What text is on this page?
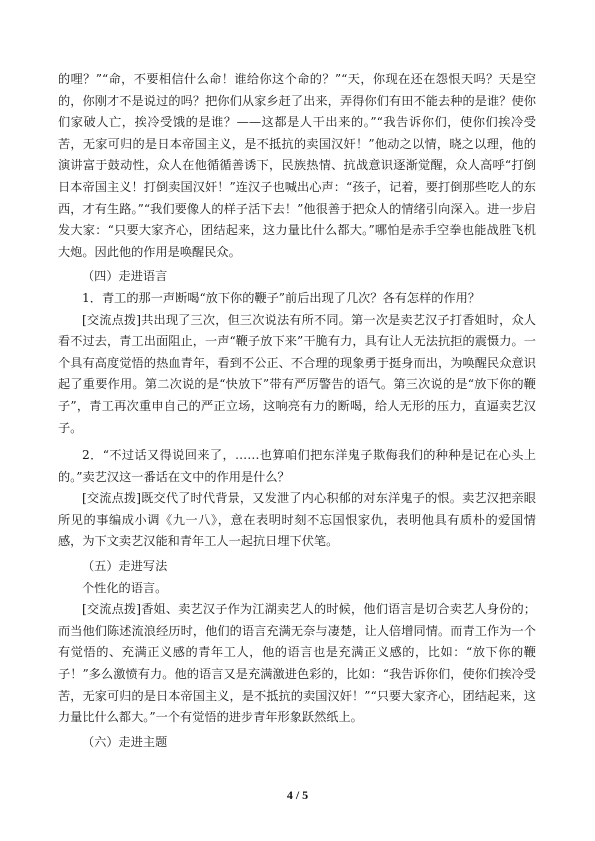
的哩？”“命，不要相信什么命！谁给你这个命的？”“天，你现在还在怨恨天吗？天是空的，你刚才不是说过的吗？把你们从家乡赶了出来，弄得你们有田不能去种的是谁？使你们家破人亡，挨冷受饿的是谁？——这都是人干出来的。”“我告诉你们，使你们挨冷受苦，无家可归的是日本帝国主义，是不抵抗的卖国汉奸！”他动之以情，晓之以理，他的演讲富于鼓动性，众人在他循循善诱下，民族热情、抗战意识逐渐觉醒，众人高呼“打倒日本帝国主义！打倒卖国汉奸！”连汉子也喊出心声：“孩子，记着，要打倒那些吃人的东西，才有生路。”“我们要像人的样子活下去！”他很善于把众人的情绪引向深入。进一步启发大家：“只要大家齐心，团结起来，这力量比什么都大。”哪怕是赤手空拳也能战胜飞机大炮。因此他的作用是唤醒民众。

（四）走进语言

1．青工的那一声断喝“放下你的鞭子”前后出现了几次？各有怎样的作用？

[交流点拨]共出现了三次，但三次说法有所不同。第一次是卖艺汉子打香姐时，众人看不过去，青工出面阻止，一声“鞭子放下来”干脆有力，具有让人无法抗拒的震慑力。一个具有高度觉悟的热血青年，看到不公正、不合理的现象勇于挺身而出，为唤醒民众意识起了重要作用。第二次说的是“快放下”带有严厉警告的语气。第三次说的是“放下你的鞭子”，青工再次重申自己的严正立场，这响亮有力的断喝，给人无形的压力，直逼卖艺汉子。

2．“不过话又得说回来了，……也算咱们把东洋鬼子欺侮我们的种种是记在心头上的。”卖艺汉这一番话在文中的作用是什么？

[交流点拨]既交代了时代背景，又发泄了内心积郁的对东洋鬼子的恨。卖艺汉把亲眼所见的事编成小调《九一八》，意在表明时刻不忘国恨家仇，表明他具有质朴的爱国情感，为下文卖艺汉能和青年工人一起抗日埋下伏笔。

（五）走进写法

个性化的语言。

[交流点拨]香姐、卖艺汉子作为江湖卖艺人的时候，他们语言是切合卖艺人身份的；而当他们陈述流浪经历时，他们的语言充满无奈与凄楚，让人倍增同情。而青工作为一个有觉悟的、充满正义感的青年工人，他的语言也是充满正义感的，比如：“放下你的鞭子！”多么激愤有力。他的语言又是充满激进色彩的，比如：“我告诉你们，使你们挨冷受苦，无家可归的是日本帝国主义，是不抵抗的卖国汉奸！”“只要大家齐心，团结起来，这力量比什么都大。”一个有觉悟的进步青年形象跃然纸上。

（六）走进主题

4 / 5
